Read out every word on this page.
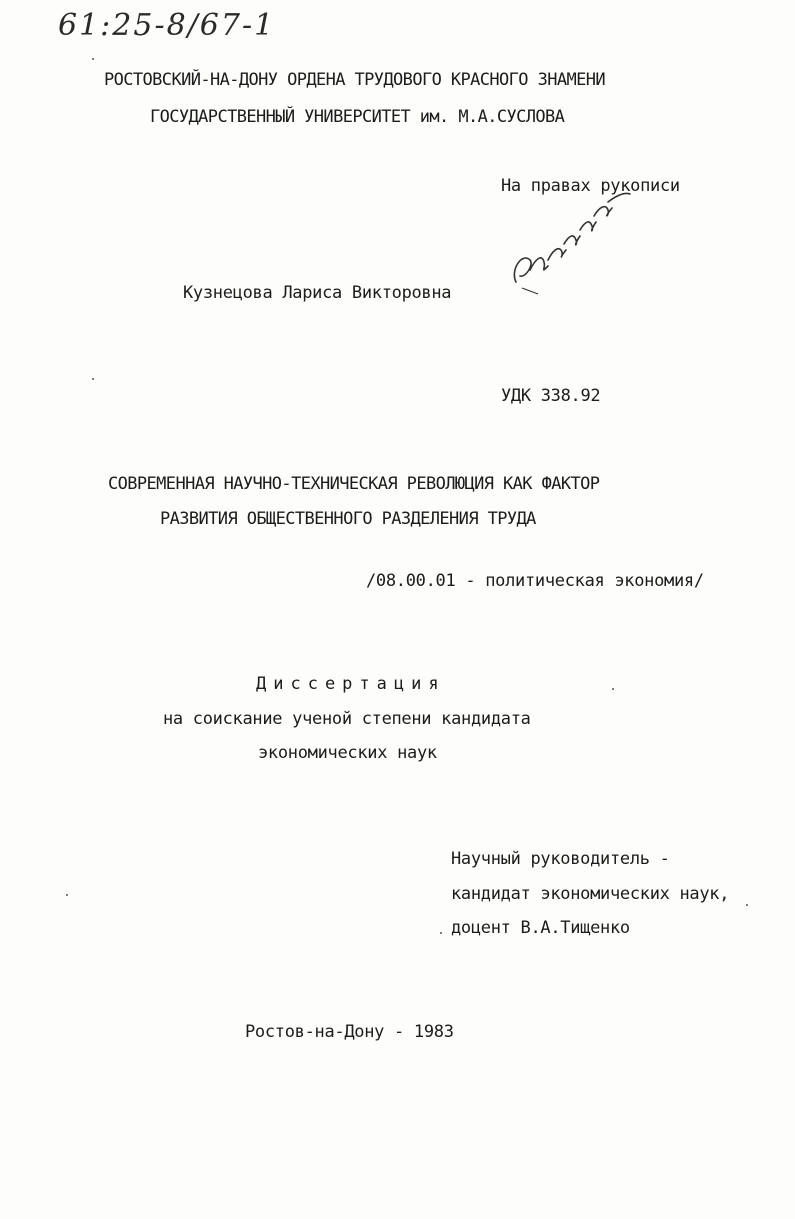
61:25-8/67-1
РОСТОВСКИЙ-НА-ДОНУ ОРДЕНА ТРУДОВОГО КРАСНОГО ЗНАМЕНИ
ГОСУДАРСТВЕННЫЙ УНИВЕРСИТЕТ им. М.А.СУСЛОВА
На правах рукописи
Кузнецова Лариса Викторовна
УДК 338.92
СОВРЕМЕННАЯ НАУЧНО-ТЕХНИЧЕСКАЯ РЕВОЛЮЦИЯ КАК ФАКТОР
РАЗВИТИЯ ОБЩЕСТВЕННОГО РАЗДЕЛЕНИЯ ТРУДА
/08.00.01 - политическая экономия/
Диссертация
на соискание ученой степени кандидата
экономических наук
Научный руководитель -
кандидат экономических наук,
доцент В.А.Тищенко
Ростов-на-Дону - 1983
